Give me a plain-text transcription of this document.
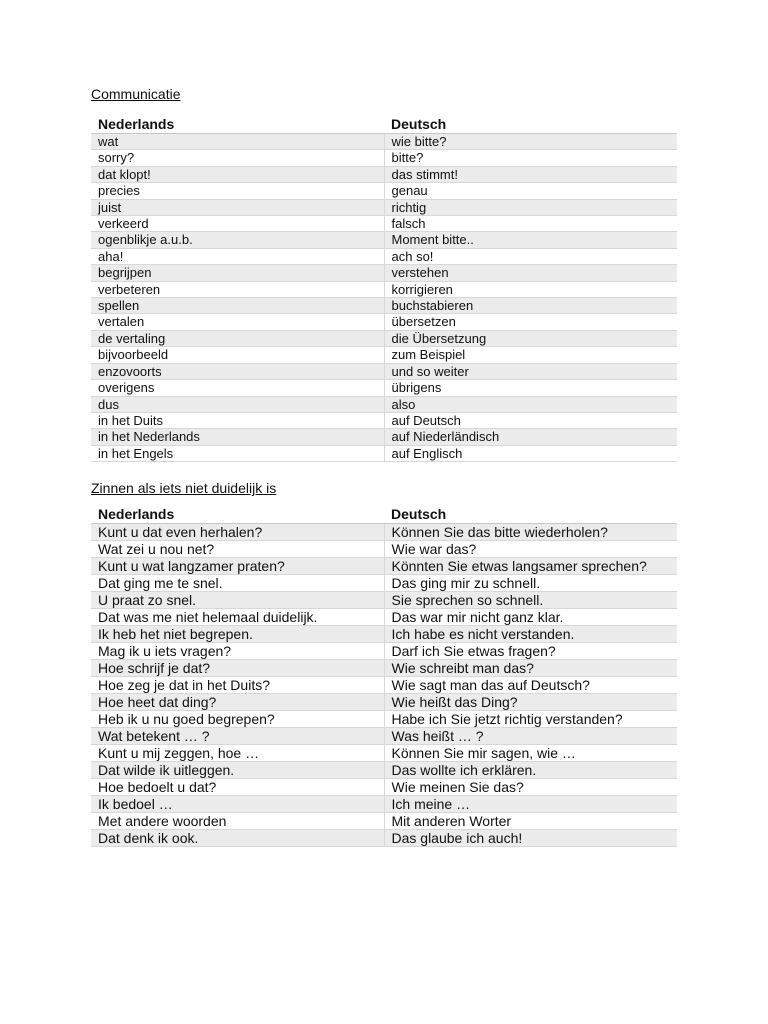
Communicatie
Nederlands	Deutsch
wat	wie bitte?
sorry?	bitte?
dat klopt!	das stimmt!
precies	genau
juist	richtig
verkeerd	falsch
ogenblikje a.u.b.	Moment bitte..
aha!	ach so!
begrijpen	verstehen
verbeteren	korrigieren
spellen	buchstabieren
vertalen	übersetzen
de vertaling	die Übersetzung
bijvoorbeeld	zum Beispiel
enzovoorts	und so weiter
overigens	übrigens
dus	also
in het Duits	auf Deutsch
in het Nederlands	auf Niederländisch
in het Engels	auf Englisch
Zinnen als iets niet duidelijk is
Nederlands	Deutsch
Kunt u dat even herhalen?	Können Sie das bitte wiederholen?
Wat zei u nou net?	Wie war das?
Kunt u wat langzamer praten?	Könnten Sie etwas langsamer sprechen?
Dat ging me te snel.	Das ging mir zu schnell.
U praat zo snel.	Sie sprechen so schnell.
Dat was me niet helemaal duidelijk.	Das war mir nicht ganz klar.
Ik heb het niet begrepen.	Ich habe es nicht verstanden.
Mag ik u iets vragen?	Darf ich Sie etwas fragen?
Hoe schrijf je dat?	Wie schreibt man das?
Hoe zeg je dat in het Duits?	Wie sagt man das auf Deutsch?
Hoe heet dat ding?	Wie heißt das Ding?
Heb ik u nu goed begrepen?	Habe ich Sie jetzt richtig verstanden?
Wat betekent … ?	Was heißt … ?
Kunt u mij zeggen, hoe …	Können Sie mir sagen, wie …
Dat wilde ik uitleggen.	Das wollte ich erklären.
Hoe bedoelt u dat?	Wie meinen Sie das?
Ik bedoel …	Ich meine …
Met andere woorden	Mit anderen Worter
Dat denk ik ook.	Das glaube ich auch!
